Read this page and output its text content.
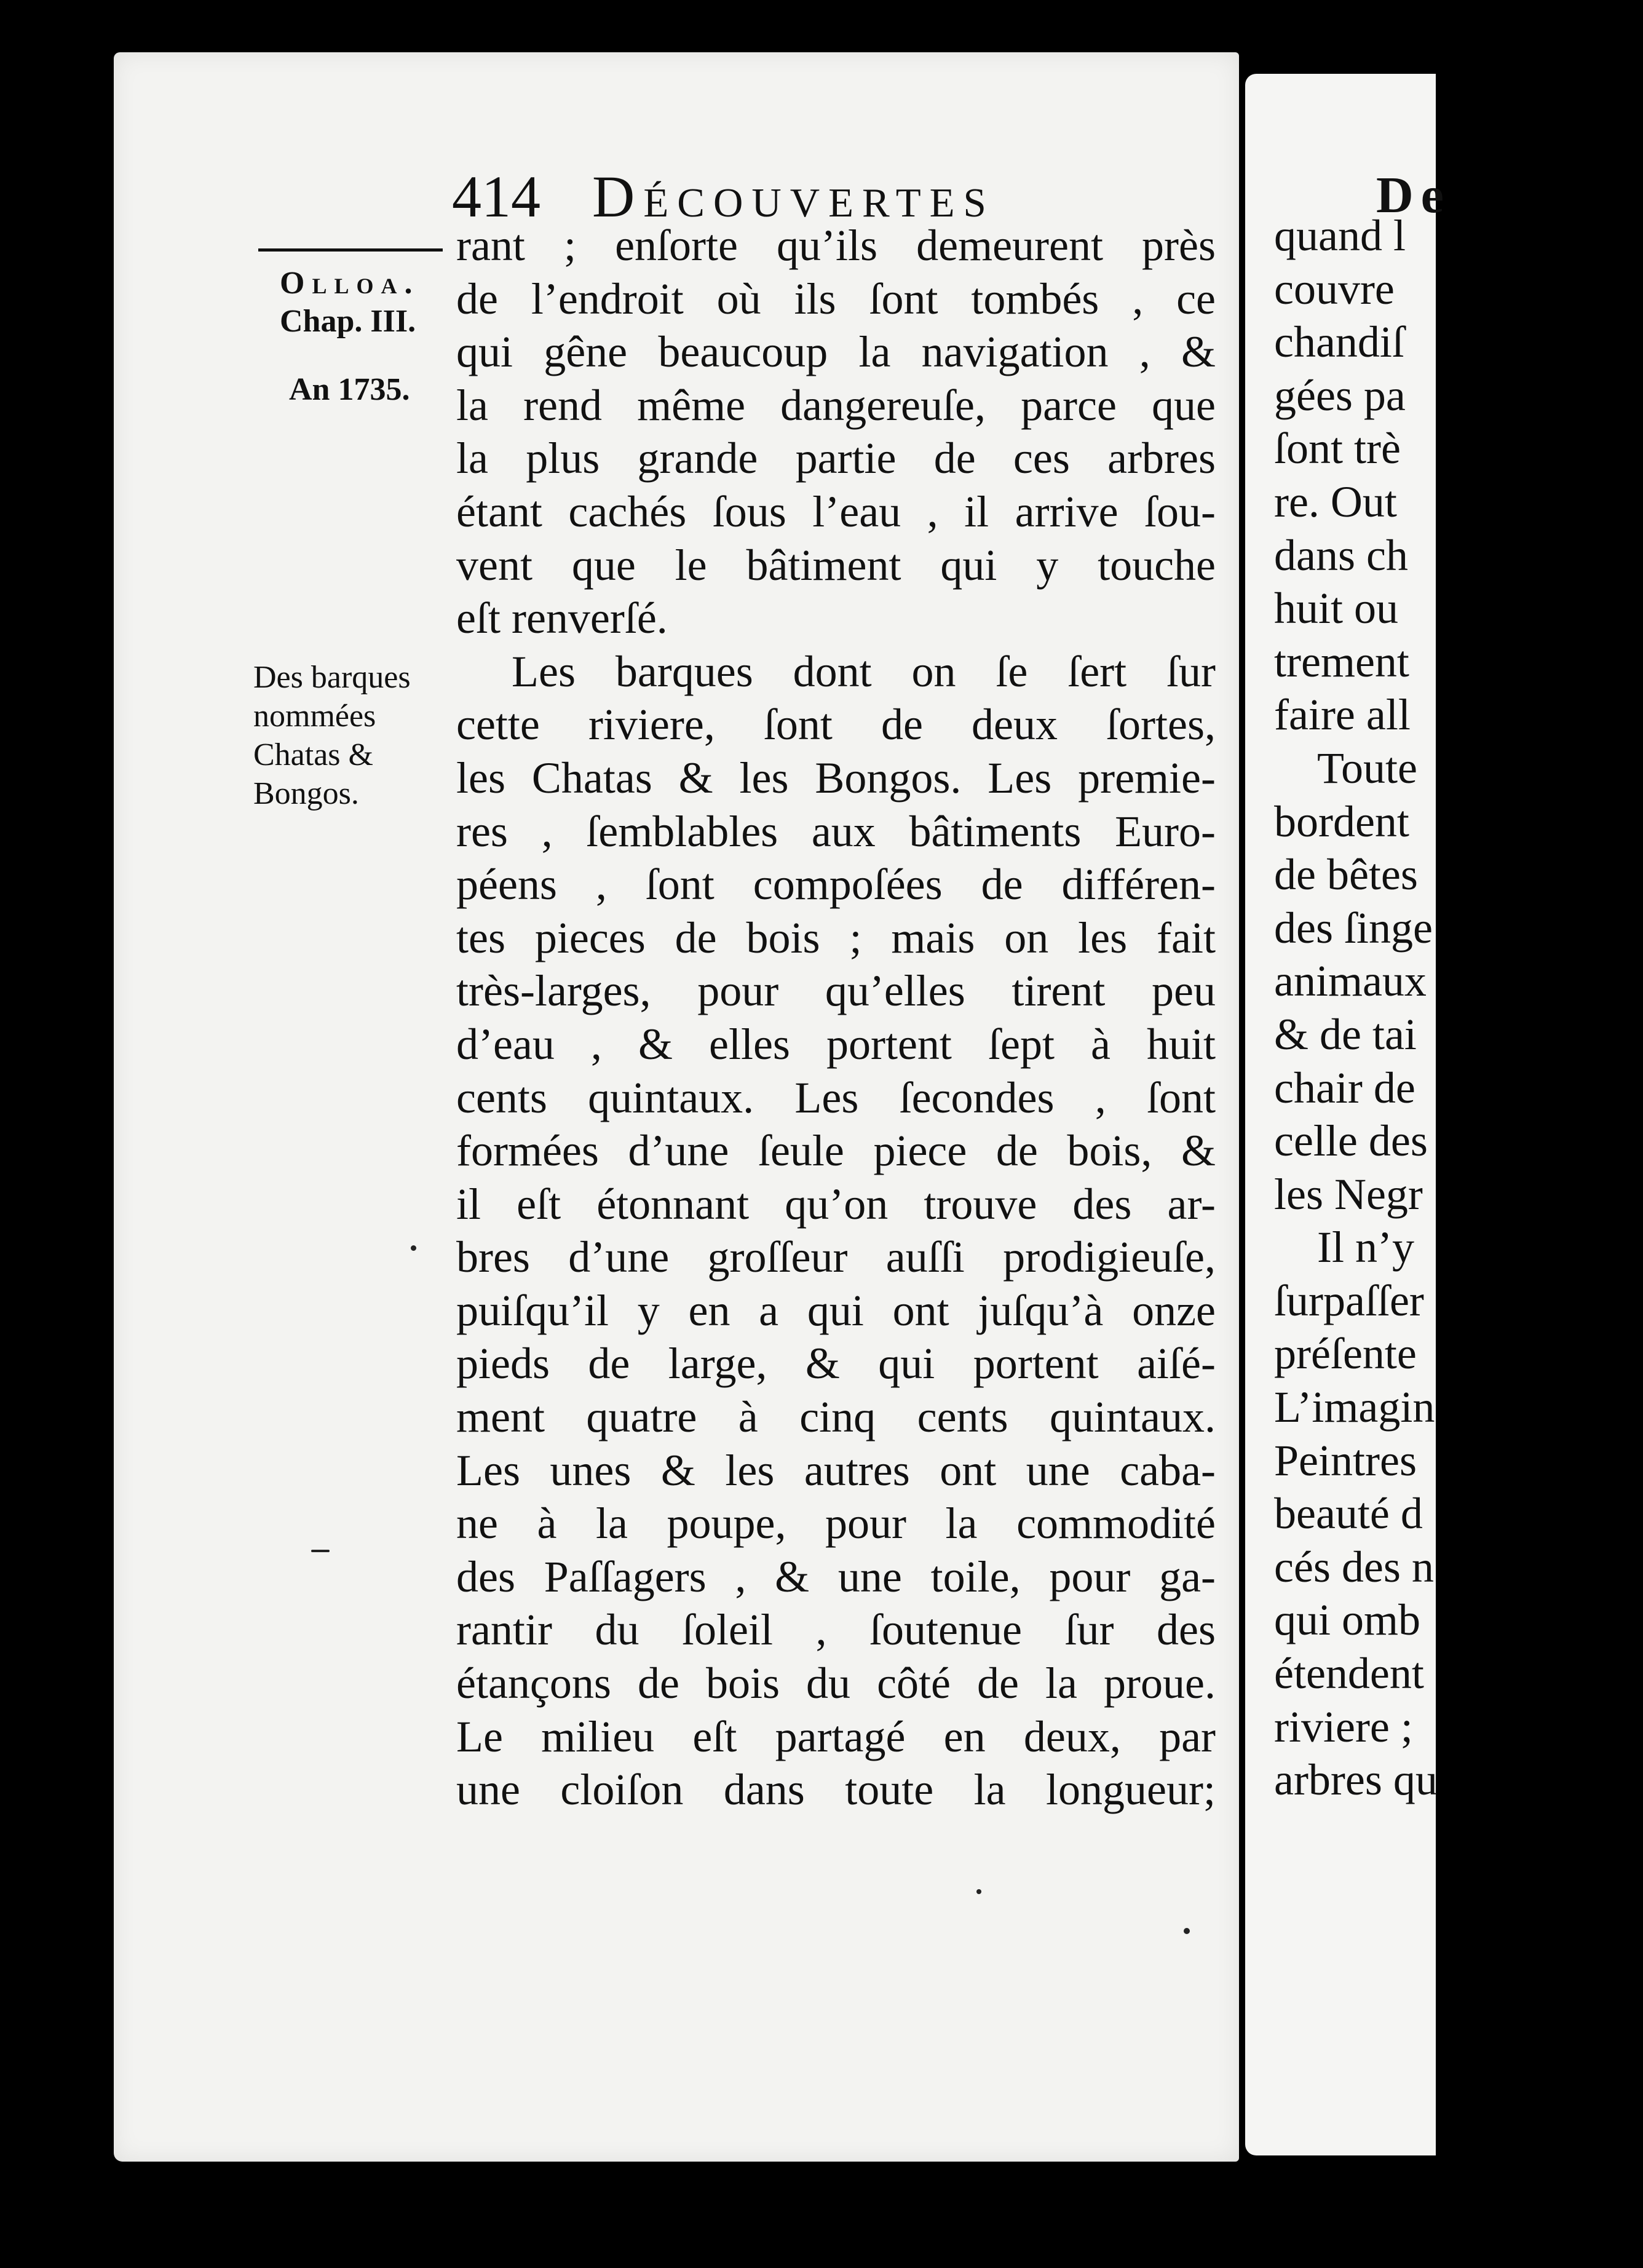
414 Découvertes
Olloa.
Chap. III.
An 1735.
Des barques
nommées
Chatas &
Bongos.
rant ; enſorte qu’ils demeurent près
de l’endroit où ils ſont tombés , ce
qui gêne beaucoup la navigation , &
la rend même dangereuſe, parce que
la plus grande partie de ces arbres
étant cachés ſous l’eau , il arrive ſou-
vent que le bâtiment qui y touche
eſt renverſé.
Les barques dont on ſe ſert ſur
cette riviere, ſont de deux ſortes,
les Chatas & les Bongos. Les premie-
res , ſemblables aux bâtiments Euro-
péens , ſont compoſées de différen-
tes pieces de bois ; mais on les fait
très-larges, pour qu’elles tirent peu
d’eau , & elles portent ſept à huit
cents quintaux. Les ſecondes , ſont
formées d’une ſeule piece de bois, &
il eſt étonnant qu’on trouve des ar-
bres d’une groſſeur auſſi prodigieuſe,
puiſqu’il y en a qui ont juſqu’à onze
pieds de large, & qui portent aiſé-
ment quatre à cinq cents quintaux.
Les unes & les autres ont une caba-
ne à la poupe, pour la commodité
des Paſſagers , & une toile, pour ga-
rantir du ſoleil , ſoutenue ſur des
étançons de bois du côté de la proue.
Le milieu eſt partagé en deux, par
une cloiſon dans toute la longueur;
De
quand l
couvre
chandiſ
gées pa
ſont trè
re. Out
dans ch
huit ou
trement
faire all
Toute
bordent
de bêtes
des ſinge
animaux
& de tai
chair de
celle des
les Negr
Il n’y
ſurpaſſer
préſente
L’imagin
Peintres
beauté d
cés des n
qui omb
étendent
riviere ;
arbres qu
